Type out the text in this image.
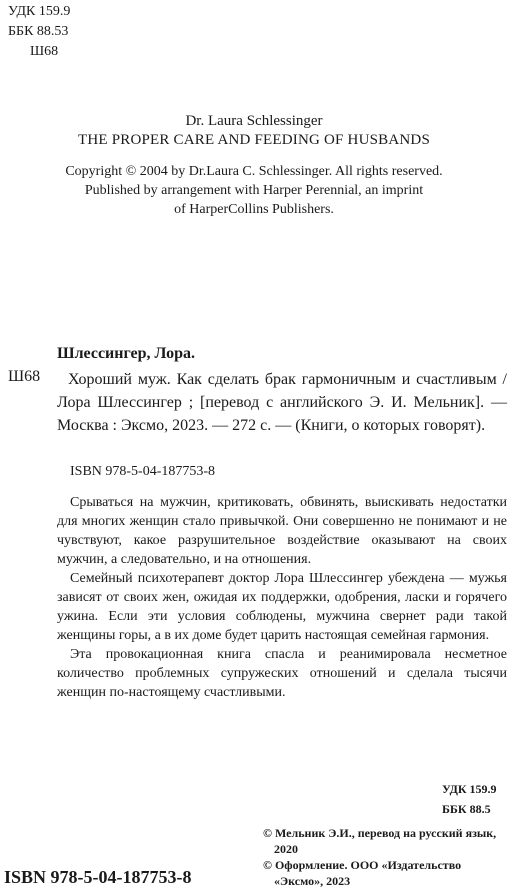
УДК 159.9
ББК 88.53
Ш68
Dr. Laura Schlessinger
THE PROPER CARE AND FEEDING OF HUSBANDS
Copyright © 2004 by Dr.Laura C. Schlessinger. All rights reserved.
Published by arrangement with Harper Perennial, an imprint
of HarperCollins Publishers.
Шлессингер, Лора.
Ш68	Хороший муж. Как сделать брак гармоничным и счастливым / Лора Шлессингер ; [перевод с английского Э. И. Мельник]. — Москва : Эксмо, 2023. — 272 с. — (Книги, о которых говорят).
ISBN 978-5-04-187753-8

Срываться на мужчин, критиковать, обвинять, выискивать недостатки для многих женщин стало привычкой. Они совершенно не понимают и не чувствуют, какое разрушительное воздействие оказывают на своих мужчин, а следовательно, и на отношения.

Семейный психотерапевт доктор Лора Шлессингер убеждена — мужья зависят от своих жен, ожидая их поддержки, одобрения, ласки и горячего ужина. Если эти условия соблюдены, мужчина свернет ради такой женщины горы, а в их доме будет царить настоящая семейная гармония.

Эта провокационная книга спасла и реанимировала несметное количество проблемных супружеских отношений и сделала тысячи женщин по-настоящему счастливыми.

УДК 159.9
ББК 88.5
© Мельник Э.И., перевод на русский язык, 2020
© Оформление. ООО «Издательство «Эксмо», 2023
ISBN 978-5-04-187753-8
